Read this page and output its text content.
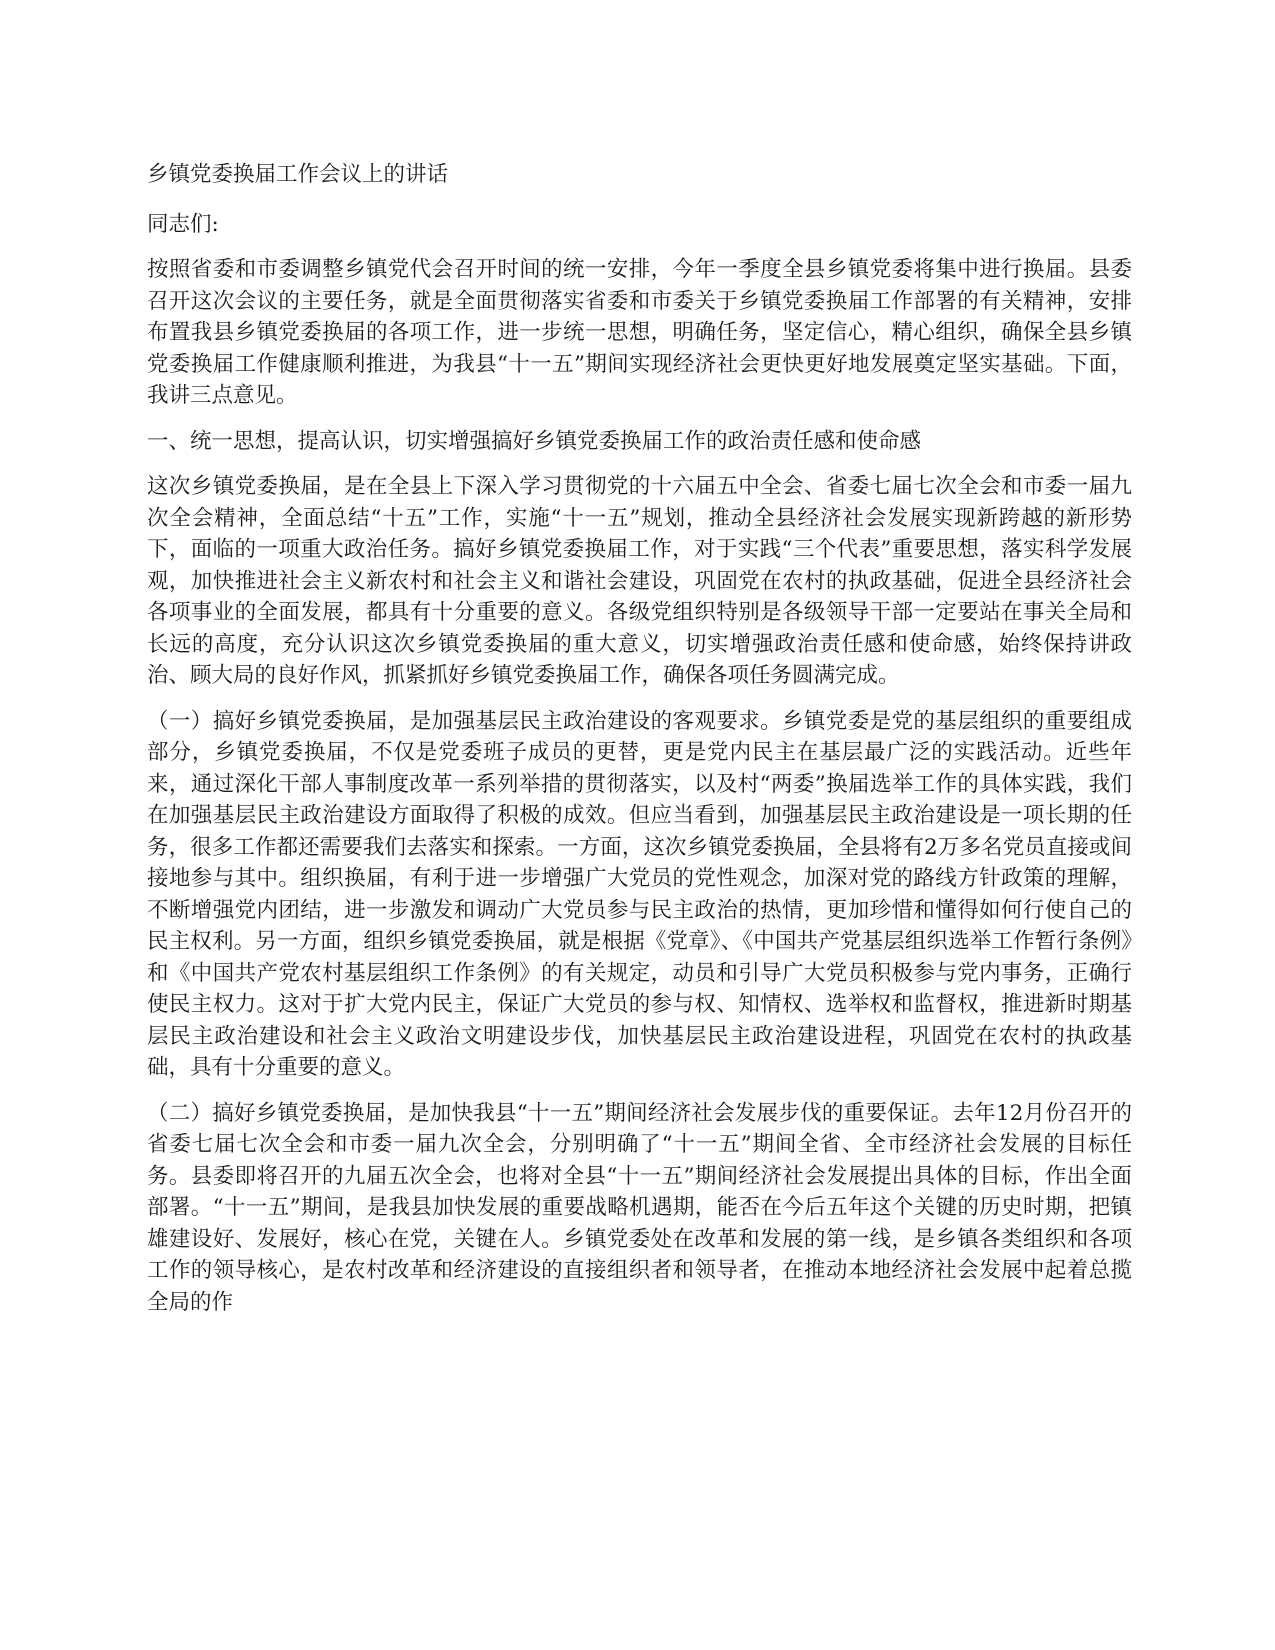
乡镇党委换届工作会议上的讲话

同志们:

按照省委和市委调整乡镇党代会召开时间的统一安排，今年一季度全县乡镇党委将集中进行换届。县委召开这次会议的主要任务，就是全面贯彻落实省委和市委关于乡镇党委换届工作部署的有关精神，安排布置我县乡镇党委换届的各项工作，进一步统一思想，明确任务，坚定信心，精心组织，确保全县乡镇党委换届工作健康顺利推进，为我县“十一五”期间实现经济社会更快更好地发展奠定坚实基础。下面，我讲三点意见。

一、统一思想，提高认识，切实增强搞好乡镇党委换届工作的政治责任感和使命感

这次乡镇党委换届，是在全县上下深入学习贯彻党的十六届五中全会、省委七届七次全会和市委一届九次全会精神，全面总结“十五”工作，实施“十一五”规划，推动全县经济社会发展实现新跨越的新形势下，面临的一项重大政治任务。搞好乡镇党委换届工作，对于实践“三个代表”重要思想，落实科学发展观，加快推进社会主义新农村和社会主义和谐社会建设，巩固党在农村的执政基础，促进全县经济社会各项事业的全面发展，都具有十分重要的意义。各级党组织特别是各级领导干部一定要站在事关全局和长远的高度，充分认识这次乡镇党委换届的重大意义，切实增强政治责任感和使命感，始终保持讲政治、顾大局的良好作风，抓紧抓好乡镇党委换届工作，确保各项任务圆满完成。

（一）搞好乡镇党委换届，是加强基层民主政治建设的客观要求。乡镇党委是党的基层组织的重要组成部分，乡镇党委换届，不仅是党委班子成员的更替，更是党内民主在基层最广泛的实践活动。近些年来，通过深化干部人事制度改革一系列举措的贯彻落实，以及村“两委”换届选举工作的具体实践，我们在加强基层民主政治建设方面取得了积极的成效。但应当看到，加强基层民主政治建设是一项长期的任务，很多工作都还需要我们去落实和探索。一方面，这次乡镇党委换届，全县将有2万多名党员直接或间接地参与其中。组织换届，有利于进一步增强广大党员的党性观念，加深对党的路线方针政策的理解，不断增强党内团结，进一步激发和调动广大党员参与民主政治的热情，更加珍惜和懂得如何行使自己的民主权利。另一方面，组织乡镇党委换届，就是根据《党章》、《中国共产党基层组织选举工作暂行条例》和《中国共产党农村基层组织工作条例》的有关规定，动员和引导广大党员积极参与党内事务，正确行使民主权力。这对于扩大党内民主，保证广大党员的参与权、知情权、选举权和监督权，推进新时期基层民主政治建设和社会主义政治文明建设步伐，加快基层民主政治建设进程，巩固党在农村的执政基础，具有十分重要的意义。

（二）搞好乡镇党委换届，是加快我县“十一五”期间经济社会发展步伐的重要保证。去年12月份召开的省委七届七次全会和市委一届九次全会，分别明确了“十一五”期间全省、全市经济社会发展的目标任务。县委即将召开的九届五次全会，也将对全县“十一五”期间经济社会发展提出具体的目标，作出全面部署。“十一五”期间，是我县加快发展的重要战略机遇期，能否在今后五年这个关键的历史时期，把镇雄建设好、发展好，核心在党，关键在人。乡镇党委处在改革和发展的第一线，是乡镇各类组织和各项工作的领导核心，是农村改革和经济建设的直接组织者和领导者，在推动本地经济社会发展中起着总揽全局的作
